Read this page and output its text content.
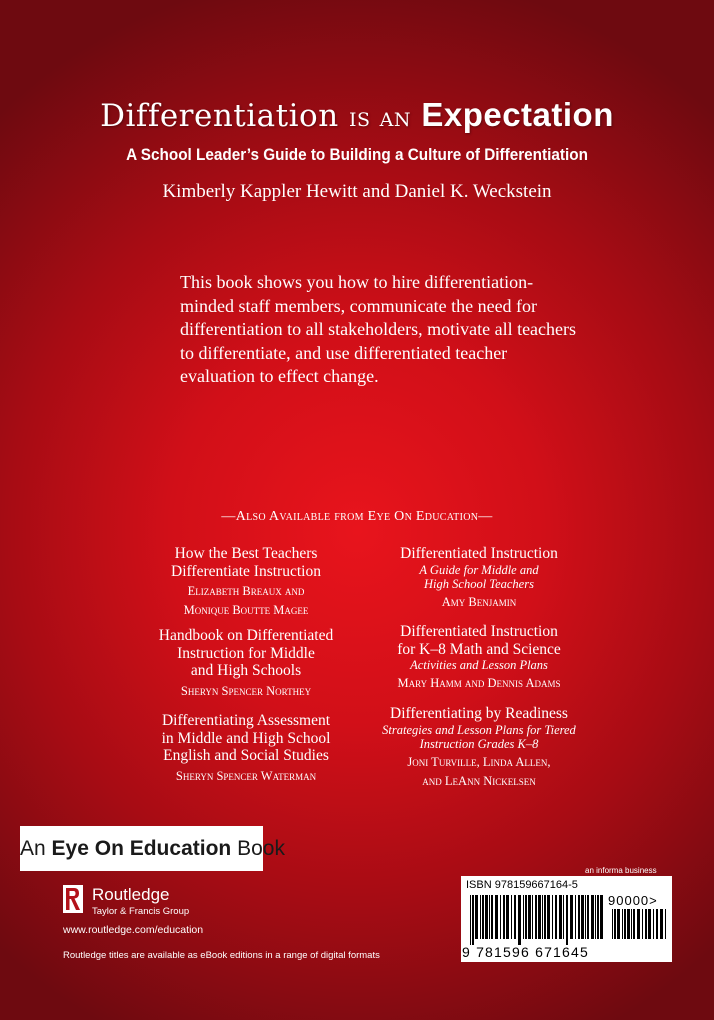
Differentiation is an Expectation
A School Leader’s Guide to Building a Culture of Differentiation
Kimberly Kappler Hewitt and Daniel K. Weckstein
This book shows you how to hire differentiation-minded staff members, communicate the need for differentiation to all stakeholders, motivate all teachers to differentiate, and use differentiated teacher evaluation to effect change.
—Also Available from Eye On Education—
How the Best Teachers
Differentiate Instruction
Elizabeth Breaux and
Monique Boutte Magee
Handbook on Differentiated
Instruction for Middle
and High Schools
Sheryn Spencer Northey
Differentiating Assessment
in Middle and High School
English and Social Studies
Sheryn Spencer Waterman
Differentiated Instruction
A Guide for Middle and
High School Teachers
Amy Benjamin
Differentiated Instruction
for K–8 Math and Science
Activities and Lesson Plans
Mary Hamm and Dennis Adams
Differentiating by Readiness
Strategies and Lesson Plans for Tiered
Instruction Grades K–8
Joni Turville, Linda Allen,
and LeAnn Nickelsen
An Eye On Education Book
Routledge
Taylor & Francis Group
www.routledge.com/education
Routledge titles are available as eBook editions in a range of digital formats
an informa business
ISBN 978159667164-5
90000>
9 781596 671645
